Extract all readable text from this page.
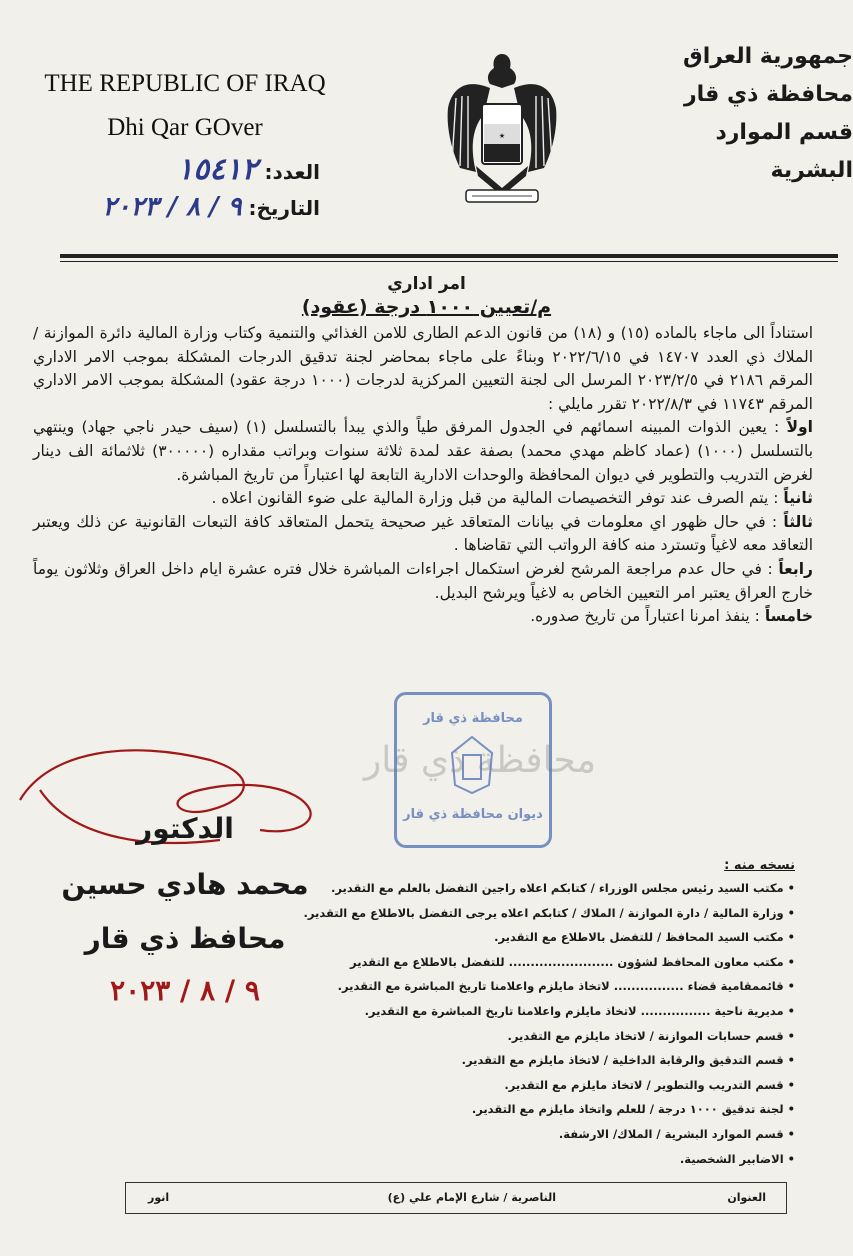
THE REPUBLIC OF IRAQ
Dhi Qar GOver	★
جمهورية العراق
محافظة ذي قار
قسم الموارد البشرية
العدد: ١٥٤١٢
التاريخ: ٩ / ٨ / ٢٠٢٣
امر اداري
م/تعيين ١٠٠٠ درجة (عقود)

استناداً الى ماجاء بالماده (١٥) و (١٨) من قانون الدعم الطارى للامن الغذائي والتنمية وكتاب وزارة المالية دائرة الموازنة / الملاك ذي العدد ١٤٧٠٧ في ٢٠٢٢/٦/١٥ وبناءً على ماجاء بمحاضر لجنة تدقيق الدرجات المشكلة بموجب الامر الاداري المرقم ٢١٨٦ في ٢٠٢٣/٢/٥ المرسل الى لجنة التعيين المركزية لدرجات (١٠٠٠ درجة عقود) المشكلة بموجب الامر الاداري المرقم ١١٧٤٣ في ٢٠٢٢/٨/٣ تقرر مايلي :

اولاً : يعين الذوات المبينه اسمائهم في الجدول المرفق طياً والذي يبدأ بالتسلسل (١) (سيف حيدر ناجي جهاد) وينتهي بالتسلسل (١٠٠٠) (عماد كاظم مهدي محمد) بصفة عقد لمدة ثلاثة سنوات وبراتب مقداره (٣٠٠٠٠٠) ثلاثمائة الف دينار لغرض التدريب والتطوير في ديوان المحافظة والوحدات الادارية التابعة لها اعتباراً من تاريخ المباشرة.

ثانياً : يتم الصرف عند توفر التخصيصات المالية من قبل وزارة المالية على ضوء القانون اعلاه .

ثالثاً : في حال ظهور اي معلومات في بيانات المتعاقد غير صحيحة يتحمل المتعاقد كافة التبعات القانونية عن ذلك ويعتبر التعاقد معه لاغياً وتسترد منه كافة الرواتب التي تقاضاها .

رابعاً : في حال عدم مراجعة المرشح لغرض استكمال اجراءات المباشرة خلال فتره عشرة ايام داخل العراق وثلاثون يوماً خارج العراق يعتبر امر التعيين الخاص به لاغياً ويرشح البديل.

خامساً : ينفذ امرنا اعتباراً من تاريخ صدوره.

محافظة ذي قار
محافظة ذي قار
ديوان محافظة ذي قار
الدكتور
محمد هادي حسين
محافظ ذي قار
٩ / ٨ / ٢٠٢٣
نسخه منه :
• مكتب السيد رئيس مجلس الوزراء / كتابكم اعلاه راجين التفضل بالعلم مع التقدير.
• وزارة المالية / دارة الموازنة / الملاك / كتابكم اعلاه يرجى التفضل بالاطلاع مع التقدير.
• مكتب السيد المحافظ / للتفضل بالاطلاع مع التقدير.
• مكتب معاون المحافظ لشؤون ........................ للتفضل بالاطلاع مع التقدير
• قائممقامية قضاء ................ لاتخاذ مايلزم واعلامنا تاريخ المباشرة مع التقدير.
• مديرية ناحية ................ لاتخاذ مايلزم واعلامنا تاريخ المباشرة مع التقدير.
• قسم حسابات الموازنة / لاتخاذ مايلزم مع التقدير.
• قسم التدقيق والرقابة الداخلية / لاتخاذ مايلزم مع التقدير.
• قسم التدريب والتطوير / لاتخاذ مايلزم مع التقدير.
• لجنة تدقيق ١٠٠٠ درجة / للعلم واتخاذ مايلزم مع التقدير.
• قسم الموارد البشرية / الملاك/ الارشفة.
• الاضابير الشخصية.
العنوان
الناصرية / شارع الإمام علي (ع)
انور
